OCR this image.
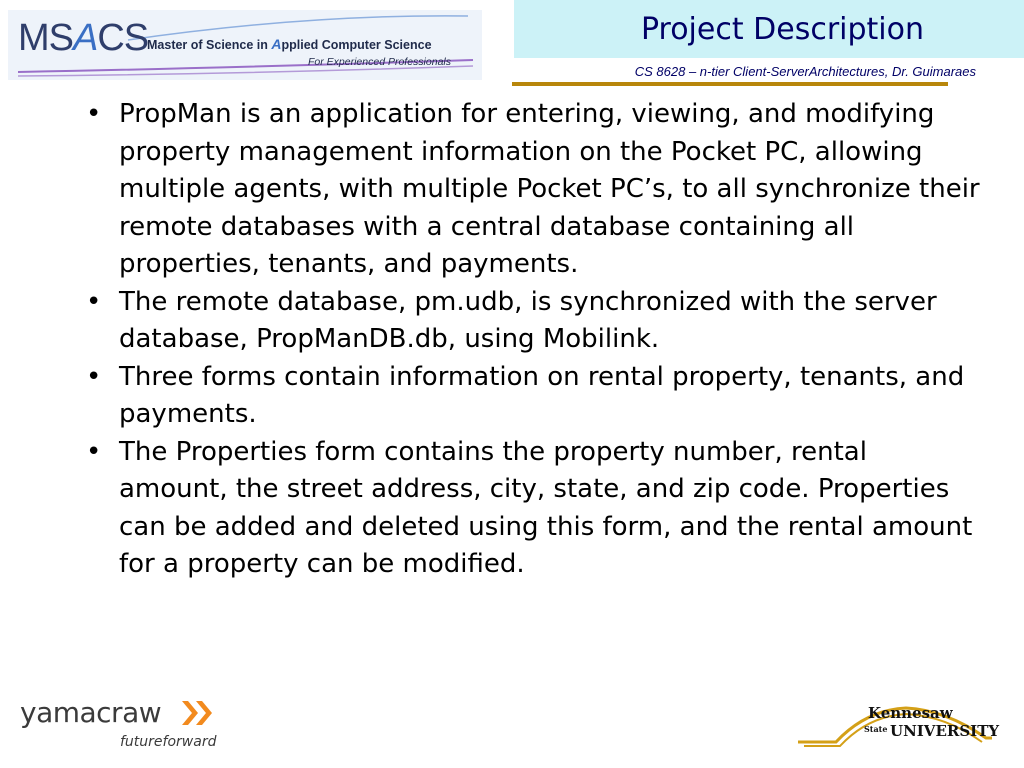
MSACS
Master of Science in Applied Computer Science
For Experienced Professionals
Project Description
CS 8628 – n-tier Client-ServerArchitectures, Dr. Guimaraes
• PropMan is an application for entering, viewing, and modifying property management information on the Pocket PC, allowing multiple agents, with multiple Pocket PC’s, to all synchronize their remote databases with a central database containing all properties, tenants, and payments.
• The remote database, pm.udb, is synchronized with the server database, PropManDB.db, using Mobilink.
• Three forms contain information on rental property, tenants, and payments.
• The Properties form contains the property number, rental amount, the street address, city, state, and zip code. Properties can be added and deleted using this form, and the rental amount for a property can be modified.
yamacraw
futureforward
Kennesaw
State UNIVERSITY
